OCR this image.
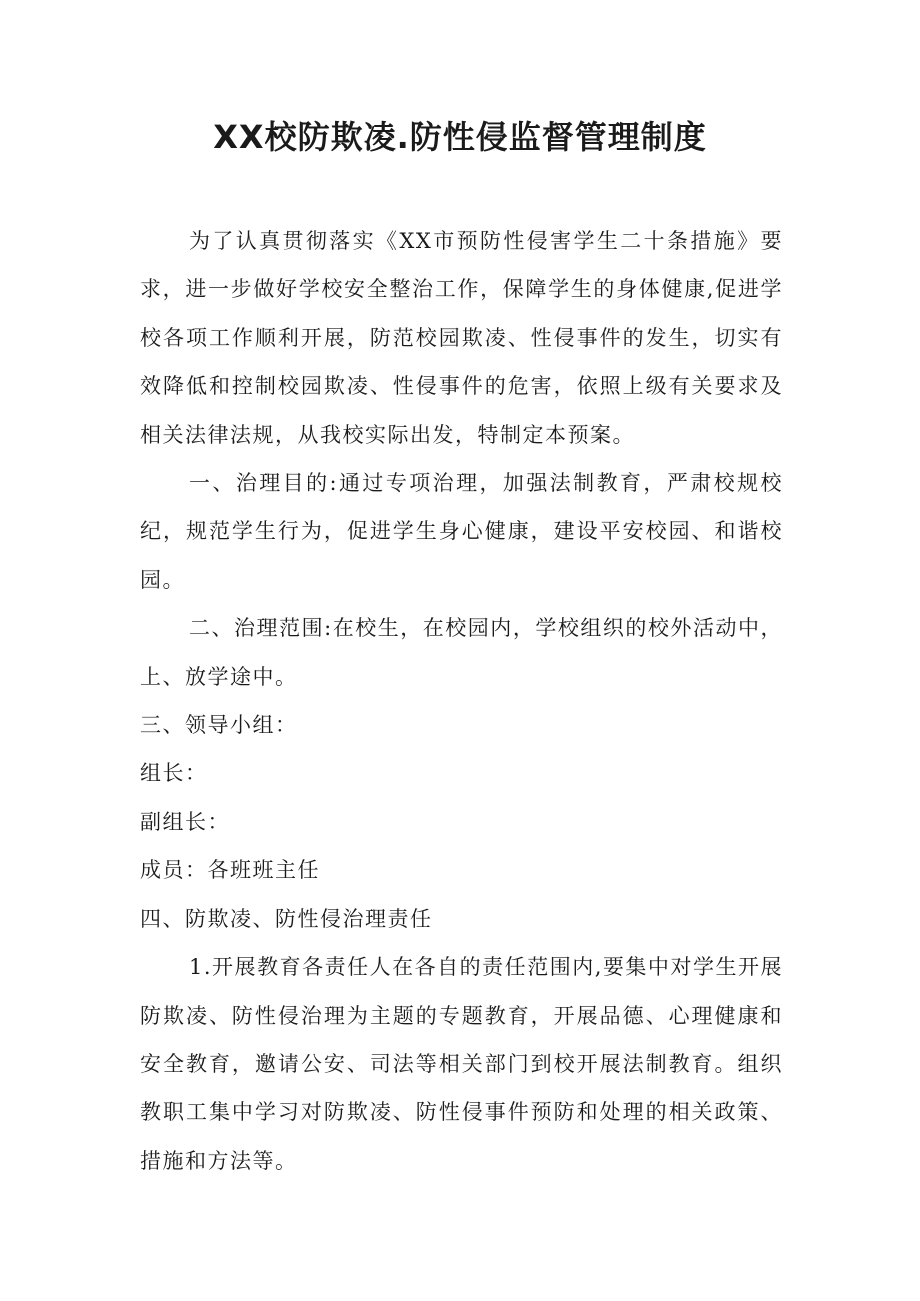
XX校防欺凌.防性侵监督管理制度

为了认真贯彻落实《XX市预防性侵害学生二十条措施》要求，进一步做好学校安全整治工作，保障学生的身体健康,促进学校各项工作顺利开展，防范校园欺凌、性侵事件的发生，切实有效降低和控制校园欺凌、性侵事件的危害，依照上级有关要求及相关法律法规，从我校实际出发，特制定本预案。

一、治理目的:通过专项治理，加强法制教育，严肃校规校纪，规范学生行为，促进学生身心健康，建设平安校园、和谐校园。

二、治理范围:在校生，在校园内，学校组织的校外活动中，上、放学途中。

三、领导小组：

组长：

副组长：

成员：各班班主任

四、防欺凌、防性侵治理责任

1.开展教育各责任人在各自的责任范围内,要集中对学生开展防欺凌、防性侵治理为主题的专题教育，开展品德、心理健康和安全教育，邀请公安、司法等相关部门到校开展法制教育。组织教职工集中学习对防欺凌、防性侵事件预防和处理的相关政策、措施和方法等。
